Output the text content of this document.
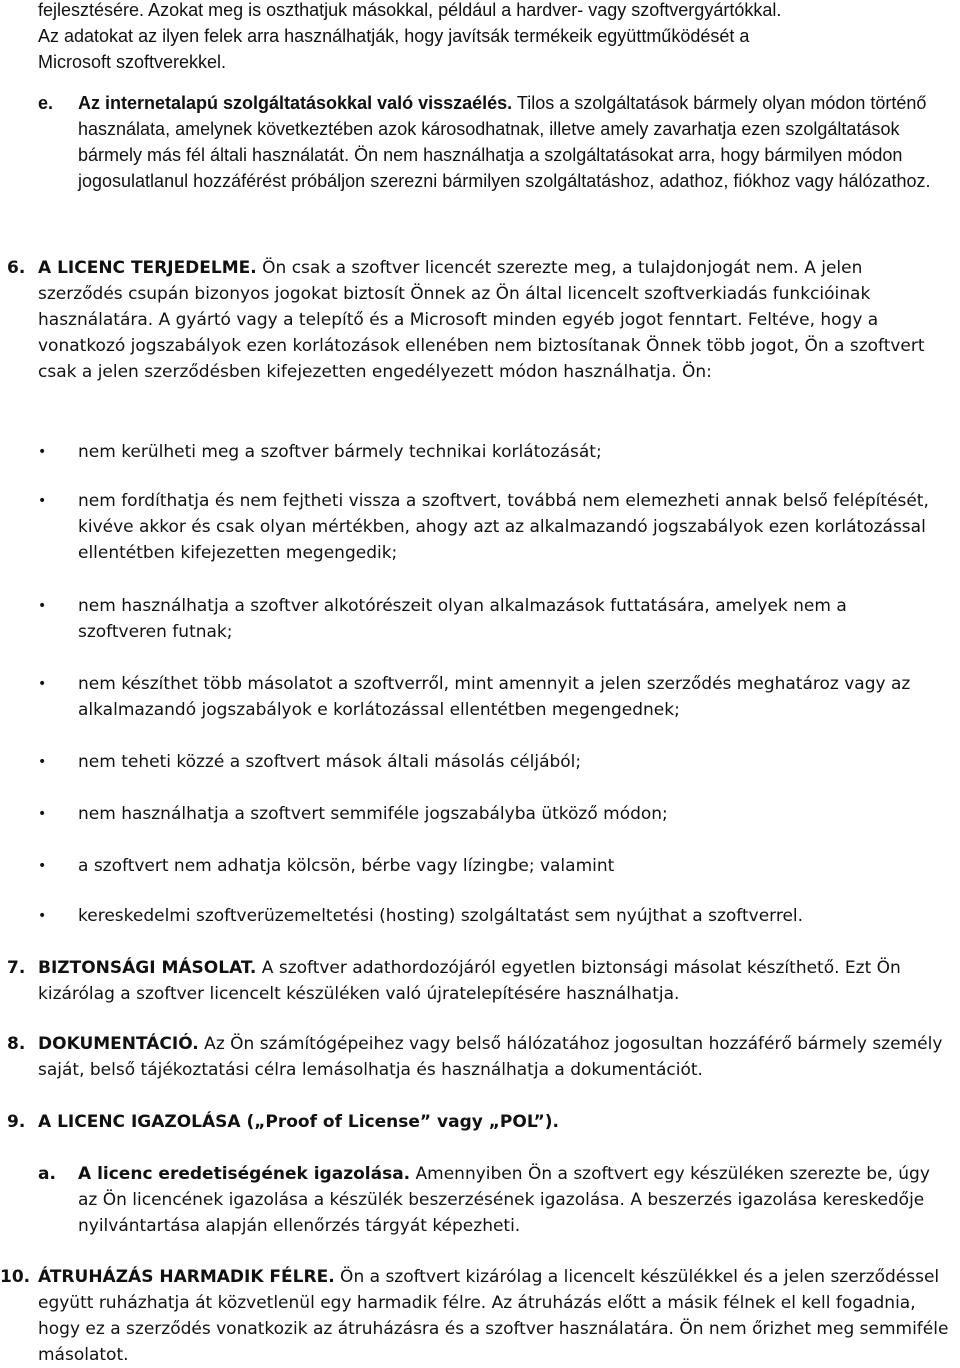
fejlesztésére. Azokat meg is oszthatjuk másokkal, például a hardver- vagy szoftvergyártókkal.
Az adatokat az ilyen felek arra használhatják, hogy javítsák termékeik együttműködését a
Microsoft szoftverekkel.
e. Az internetalapú szolgáltatásokkal való visszaélés. Tilos a szolgáltatások bármely olyan módon történő használata, amelynek következtében azok károsodhatnak, illetve amely zavarhatja ezen szolgáltatások bármely más fél általi használatát. Ön nem használhatja a szolgáltatásokat arra, hogy bármilyen módon jogosulatlanul hozzáférést próbáljon szerezni bármilyen szolgáltatáshoz, adathoz, fiókhoz vagy hálózathoz.
6. A LICENC TERJEDELME. Ön csak a szoftver licencét szerezte meg, a tulajdonjogát nem. A jelen szerződés csupán bizonyos jogokat biztosít Önnek az Ön által licencelt szoftverkiadás funkcióinak használatára. A gyártó vagy a telepítő és a Microsoft minden egyéb jogot fenntart. Feltéve, hogy a vonatkozó jogszabályok ezen korlátozások ellenében nem biztosítanak Önnek több jogot, Ön a szoftvert csak a jelen szerződésben kifejezetten engedélyezett módon használhatja. Ön:
• nem kerülheti meg a szoftver bármely technikai korlátozását;
• nem fordíthatja és nem fejtheti vissza a szoftvert, továbbá nem elemezheti annak belső felépítését, kivéve akkor és csak olyan mértékben, ahogy azt az alkalmazandó jogszabályok ezen korlátozással ellentétben kifejezetten megengedik;
• nem használhatja a szoftver alkotórészeit olyan alkalmazások futtatására, amelyek nem a szoftveren futnak;
• nem készíthet több másolatot a szoftverről, mint amennyit a jelen szerződés meghatároz vagy az alkalmazandó jogszabályok e korlátozással ellentétben megengednek;
• nem teheti közzé a szoftvert mások általi másolás céljából;
• nem használhatja a szoftvert semmiféle jogszabályba ütköző módon;
• a szoftvert nem adhatja kölcsön, bérbe vagy lízingbe; valamint
• kereskedelmi szoftverüzemeltetési (hosting) szolgáltatást sem nyújthat a szoftverrel.
7. BIZTONSÁGI MÁSOLAT. A szoftver adathordozójáról egyetlen biztonsági másolat készíthető. Ezt Ön kizárólag a szoftver licencelt készüléken való újratelepítésére használhatja.
8. DOKUMENTÁCIÓ. Az Ön számítógépeihez vagy belső hálózatához jogosultan hozzáférő bármely személy saját, belső tájékoztatási célra lemásolhatja és használhatja a dokumentációt.
9. A LICENC IGAZOLÁSA („Proof of License” vagy „POL”).
a. A licenc eredetiségének igazolása. Amennyiben Ön a szoftvert egy készüléken szerezte be, úgy az Ön licencének igazolása a készülék beszerzésének igazolása. A beszerzés igazolása kereskedője nyilvántartása alapján ellenőrzés tárgyát képezheti.
10. ÁTRUHÁZÁS HARMADIK FÉLRE. Ön a szoftvert kizárólag a licencelt készülékkel és a jelen szerződéssel együtt ruházhatja át közvetlenül egy harmadik félre. Az átruházás előtt a másik félnek el kell fogadnia, hogy ez a szerződés vonatkozik az átruházásra és a szoftver használatára. Ön nem őrizhet meg semmiféle másolatot.
